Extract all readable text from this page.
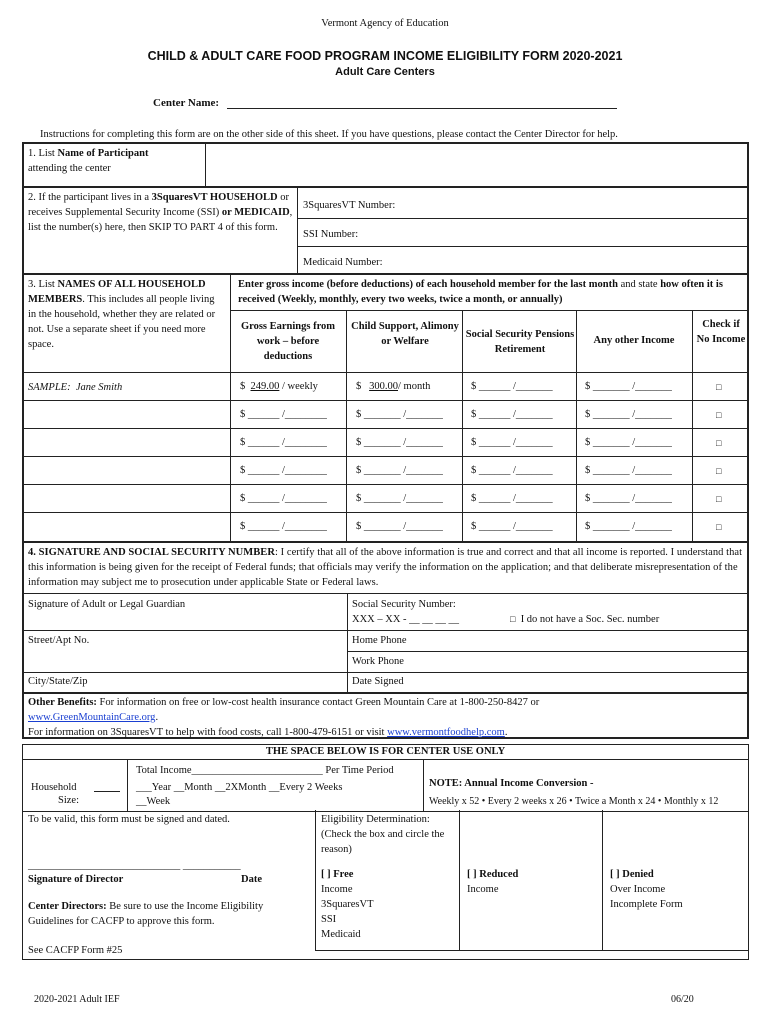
Vermont Agency of Education
CHILD & ADULT CARE FOOD PROGRAM INCOME ELIGIBILITY FORM 2020-2021
Adult Care Centers
Center Name:
Instructions for completing this form are on the other side of this sheet. If you have questions, please contact the Center Director for help.
1. List Name of Participant
attending the center
2. If the participant lives in a 3SquaresVT HOUSEHOLD or receives Supplemental Security Income (SSI) or MEDICAID, list the number(s) here, then SKIP TO PART 4 of this form.
3SquaresVT Number:
SSI Number:
Medicaid Number:
3. List NAMES OF ALL HOUSEHOLD MEMBERS. This includes all people living in the household, whether they are related or not. Use a separate sheet if you need more space.
Enter gross income (before deductions) of each household member for the last month and state how often it is received (Weekly, monthly, every two weeks, twice a month, or annually)
Gross Earnings from work – before deductions
Child Support, Alimony or Welfare
Social Security Pensions Retirement
Any other Income
Check if No Income
SAMPLE: Jane Smith	$ 249.00 / weekly	$ 300.00/ month	$ ______ /_______	$ _______ /_______	□
$ ______ /________	$ _______ /_______	$ ______ /_______	$ _______ /_______	□
$ ______ /________	$ _______ /_______	$ ______ /_______	$ _______ /_______	□
$ ______ /________	$ _______ /_______	$ ______ /_______	$ _______ /_______	□
$ ______ /________	$ _______ /_______	$ ______ /_______	$ _______ /_______	□
$ ______ /________	$ _______ /_______	$ ______ /_______	$ _______ /_______	□
4. SIGNATURE AND SOCIAL SECURITY NUMBER: I certify that all of the above information is true and correct and that all income is reported. I understand that this information is being given for the receipt of Federal funds; that officials may verify the information on the application; and that deliberate misrepresentation of the information may subject me to prosecution under applicable State or Federal laws.
Signature of Adult or Legal Guardian	Social Security Number:
XXX – XX - __ __ __ __	□ I do not have a Soc. Sec. number
Street/Apt No.	Home Phone
Work Phone
City/State/Zip	Date Signed
Other Benefits: For information on free or low-cost health insurance contact Green Mountain Care at 1-800-250-8427 or
www.GreenMountainCare.org.
For information on 3SquaresVT to help with food costs, call 1-800-479-6151 or visit www.vermontfoodhelp.com.
THE SPACE BELOW IS FOR CENTER USE ONLY
Household
Size:
Total Income_________________________ Per Time Period
___Year __Month __2XMonth __Every 2 Weeks
__Week
NOTE: Annual Income Conversion -
Weekly x 52 • Every 2 weeks x 26 • Twice a Month x 24 • Monthly x 12
To be valid, this form must be signed and dated.
_____________________________ ___________
Signature of Director	Date
Center Directors: Be sure to use the Income Eligibility Guidelines for CACFP to approve this form.
See CACFP Form #25
Eligibility Determination: (Check the box and circle the reason)
[ ] Free
Income
3SquaresVT
SSI
Medicaid
[ ] Reduced
Income
[ ] Denied
Over Income
Incomplete Form
2020-2021 Adult IEF	06/20
